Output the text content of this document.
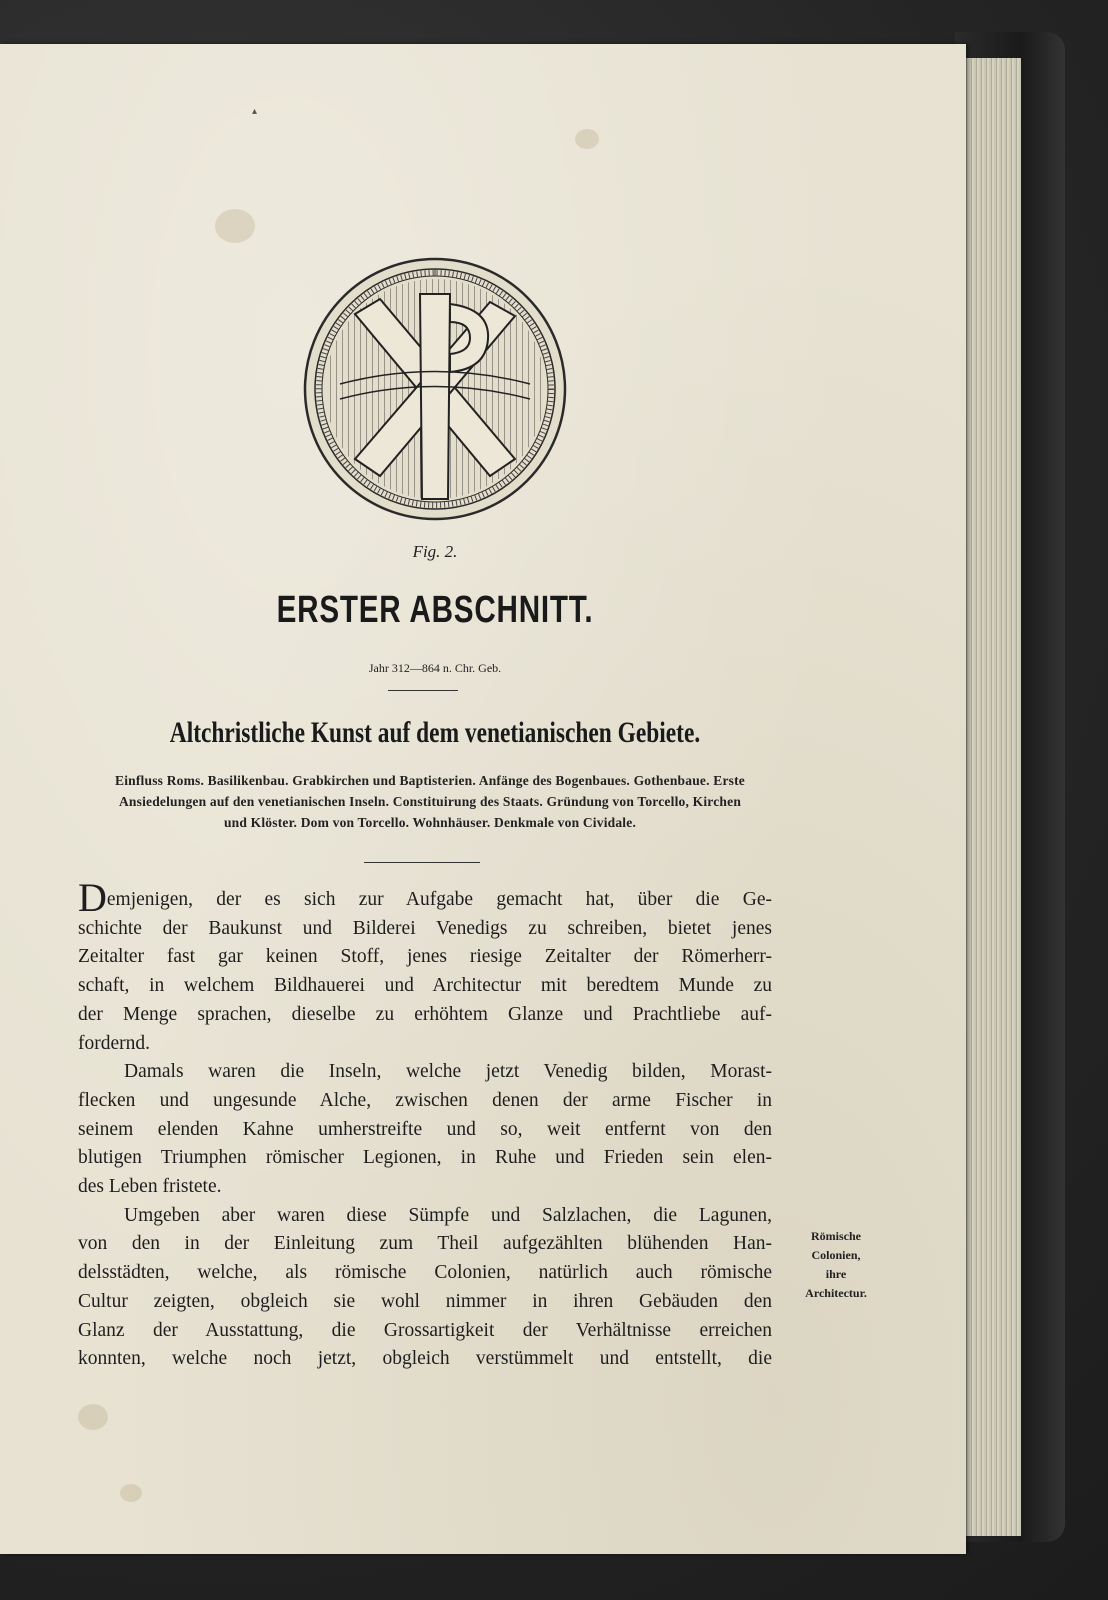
▴
Fig. 2.
ERSTER ABSCHNITT.
Jahr 312—864 n. Chr. Geb.
Altchristliche Kunst auf dem venetianischen Gebiete.
Einfluss Roms. Basilikenbau. Grabkirchen und Baptisterien. Anfänge des Bogenbaues. Gothenbaue. Erste
Ansiedelungen auf den venetianischen Inseln. Constituirung des Staats. Gründung von Torcello, Kirchen
und Klöster. Dom von Torcello. Wohnhäuser. Denkmale von Cividale.
Demjenigen, der es sich zur Aufgabe gemacht hat, über die Ge-
schichte der Baukunst und Bilderei Venedigs zu schreiben, bietet jenes
Zeitalter fast gar keinen Stoff, jenes riesige Zeitalter der Römerherr-
schaft, in welchem Bildhauerei und Architectur mit beredtem Munde zu
der Menge sprachen, dieselbe zu erhöhtem Glanze und Prachtliebe auf-
fordernd.
Damals waren die Inseln, welche jetzt Venedig bilden, Morast-
flecken und ungesunde Alche, zwischen denen der arme Fischer in
seinem elenden Kahne umherstreifte und so, weit entfernt von den
blutigen Triumphen römischer Legionen, in Ruhe und Frieden sein elen-
des Leben fristete.
Umgeben aber waren diese Sümpfe und Salzlachen, die Lagunen,
von den in der Einleitung zum Theil aufgezählten blühenden Han-
delsstädten, welche, als römische Colonien, natürlich auch römische
Cultur zeigten, obgleich sie wohl nimmer in ihren Gebäuden den
Glanz der Ausstattung, die Grossartigkeit der Verhältnisse erreichen
konnten, welche noch jetzt, obgleich verstümmelt und entstellt, die
Römische
Colonien,
ihre
Architectur.
